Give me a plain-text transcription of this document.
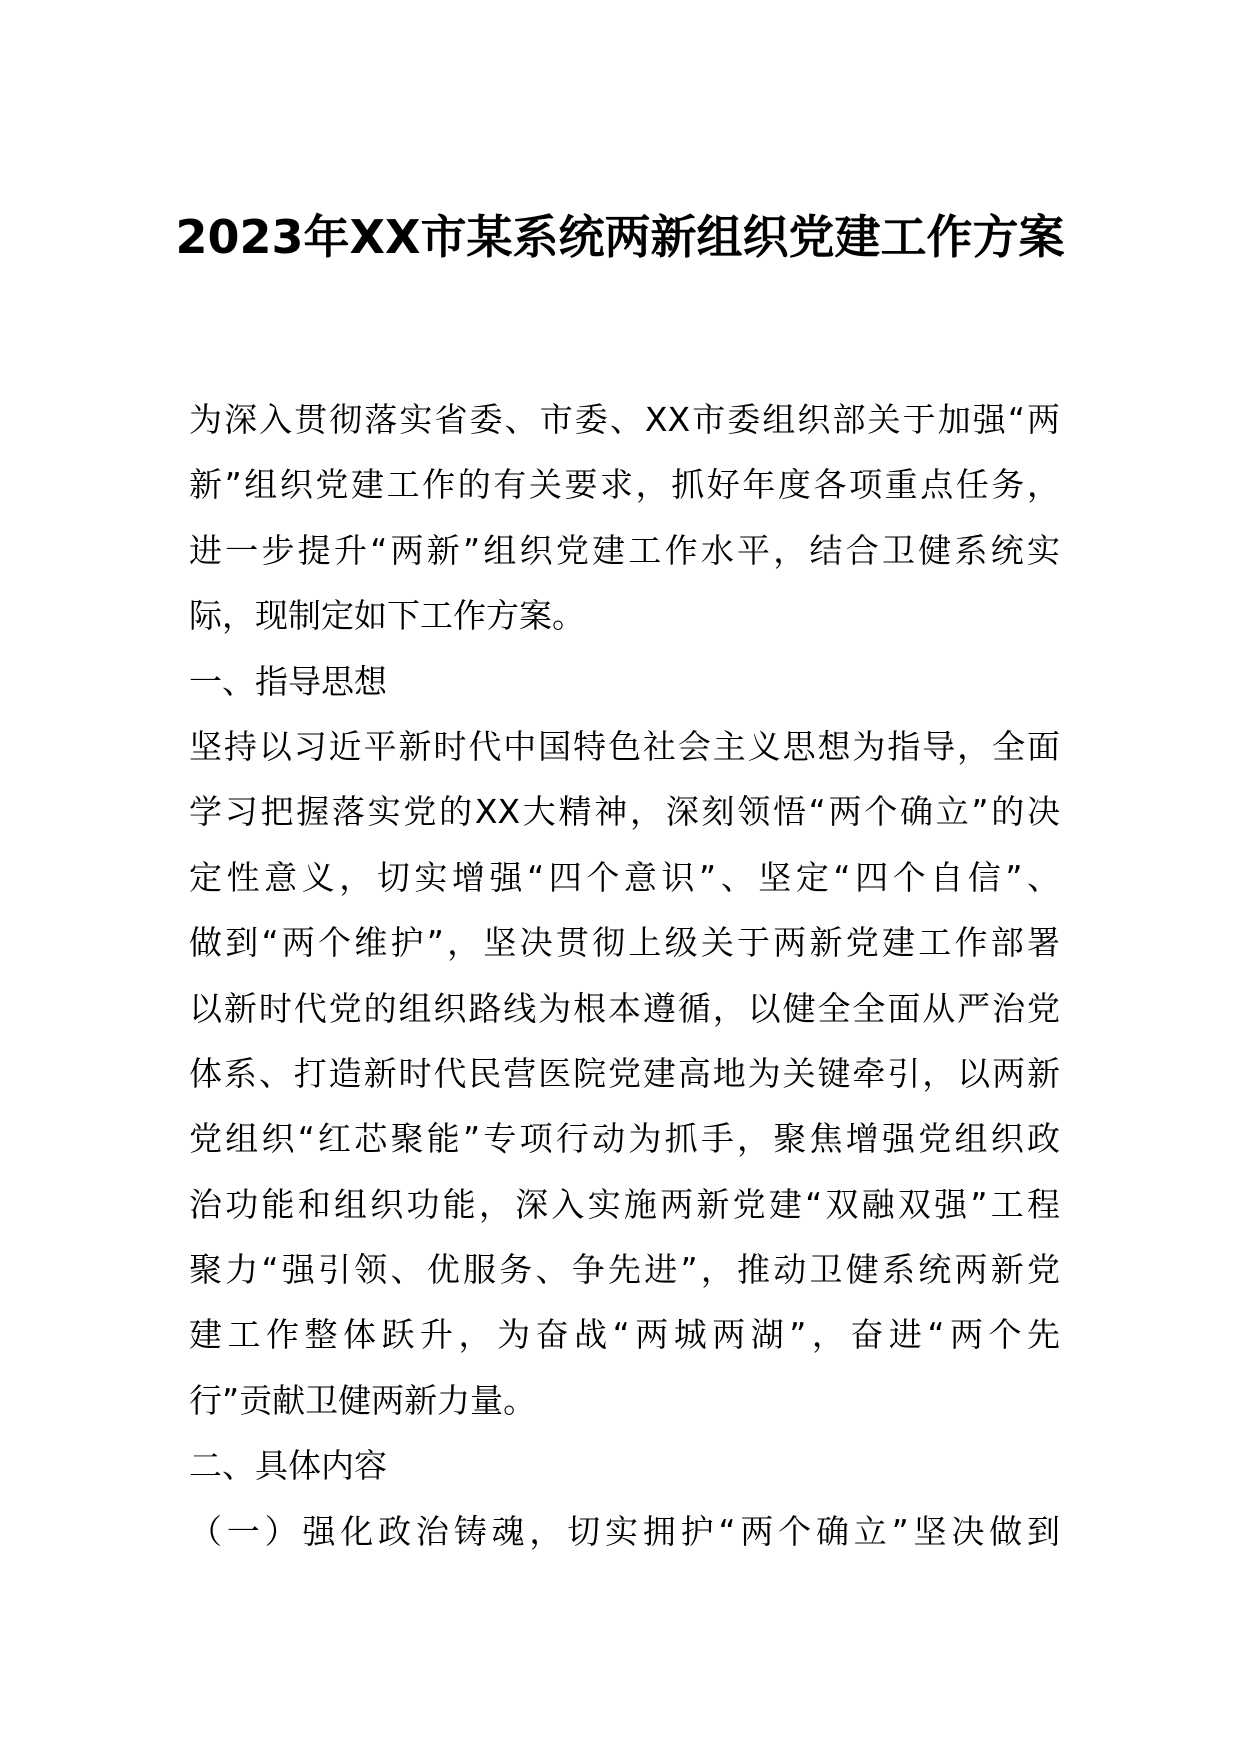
2023年XX市某系统两新组织党建工作方案
为深入贯彻落实省委、市委、XX市委组织部关于加强“两
新”组织党建工作的有关要求，抓好年度各项重点任务，
进一步提升“两新”组织党建工作水平，结合卫健系统实
际，现制定如下工作方案。
一、指导思想
坚持以习近平新时代中国特色社会主义思想为指导，全面
学习把握落实党的XX大精神，深刻领悟“两个确立”的决
定性意义，切实增强“四个意识”、坚定“四个自信”、
做到“两个维护”，坚决贯彻上级关于两新党建工作部署
以新时代党的组织路线为根本遵循，以健全全面从严治党
体系、打造新时代民营医院党建高地为关键牵引，以两新
党组织“红芯聚能”专项行动为抓手，聚焦增强党组织政
治功能和组织功能，深入实施两新党建“双融双强”工程
聚力“强引领、优服务、争先进”，推动卫健系统两新党
建工作整体跃升，为奋战“两城两湖”，奋进“两个先
行”贡献卫健两新力量。
二、具体内容
（一）强化政治铸魂，切实拥护“两个确立”坚决做到
